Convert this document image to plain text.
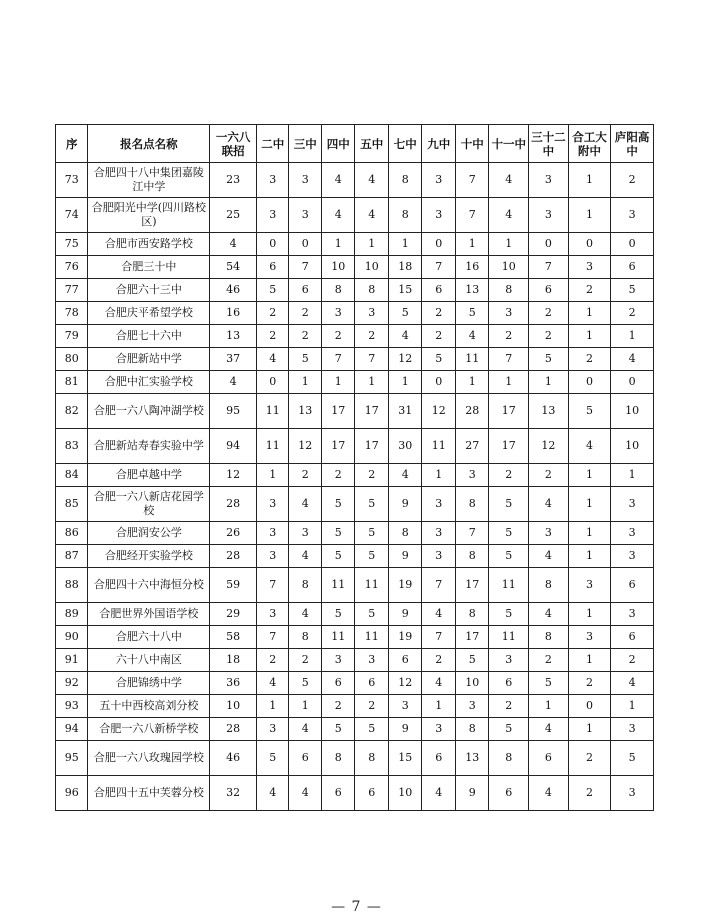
序	报名点名称	一六八联招	二中	三中	四中	五中	七中	九中	十中	十一中	三十二中	合工大附中	庐阳高中
73	合肥四十八中集团嘉陵江中学	23	3	3	4	4	8	3	7	4	3	1	2
74	合肥阳光中学(四川路校区)	25	3	3	4	4	8	3	7	4	3	1	3
75	合肥市西安路学校	4	0	0	1	1	1	0	1	1	0	0	0
76	合肥三十中	54	6	7	10	10	18	7	16	10	7	3	6
77	合肥六十三中	46	5	6	8	8	15	6	13	8	6	2	5
78	合肥庆平希望学校	16	2	2	3	3	5	2	5	3	2	1	2
79	合肥七十六中	13	2	2	2	2	4	2	4	2	2	1	1
80	合肥新站中学	37	4	5	7	7	12	5	11	7	5	2	4
81	合肥中汇实验学校	4	0	1	1	1	1	0	1	1	1	0	0
82	合肥一六八陶冲湖学校	95	11	13	17	17	31	12	28	17	13	5	10
83	合肥新站寿春实验中学	94	11	12	17	17	30	11	27	17	12	4	10
84	合肥卓越中学	12	1	2	2	2	4	1	3	2	2	1	1
85	合肥一六八新店花园学校	28	3	4	5	5	9	3	8	5	4	1	3
86	合肥润安公学	26	3	3	5	5	8	3	7	5	3	1	3
87	合肥经开实验学校	28	3	4	5	5	9	3	8	5	4	1	3
88	合肥四十六中海恒分校	59	7	8	11	11	19	7	17	11	8	3	6
89	合肥世界外国语学校	29	3	4	5	5	9	4	8	5	4	1	3
90	合肥六十八中	58	7	8	11	11	19	7	17	11	8	3	6
91	六十八中南区	18	2	2	3	3	6	2	5	3	2	1	2
92	合肥锦绣中学	36	4	5	6	6	12	4	10	6	5	2	4
93	五十中西校高刘分校	10	1	1	2	2	3	1	3	2	1	0	1
94	合肥一六八新桥学校	28	3	4	5	5	9	3	8	5	4	1	3
95	合肥一六八玫瑰园学校	46	5	6	8	8	15	6	13	8	6	2	5
96	合肥四十五中芙蓉分校	32	4	4	6	6	10	4	9	6	4	2	3
— 7 —
